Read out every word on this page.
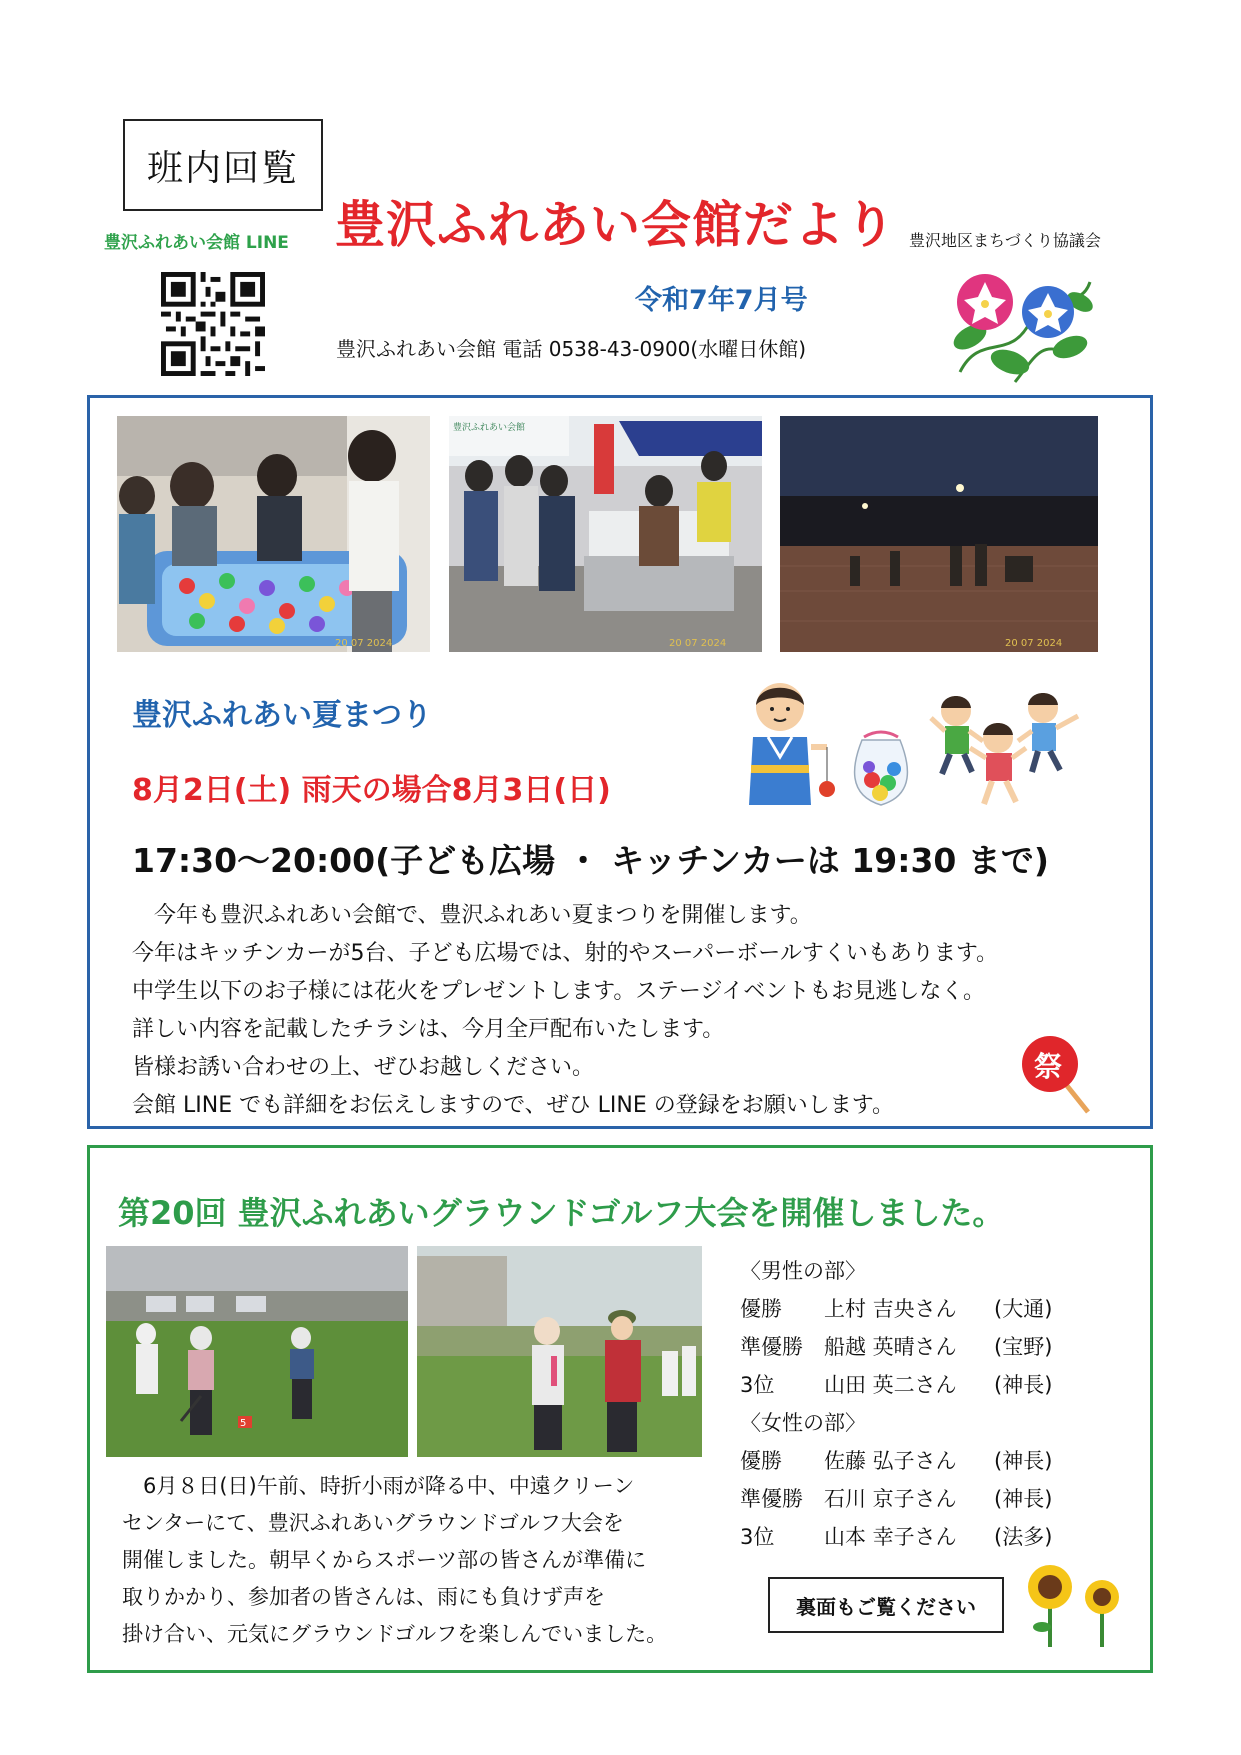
班内回覧
豊沢ふれあい会館 LINE 豊沢ふれあい会館だより 豊沢地区まちづくり協議会
令和7年7月号
豊沢ふれあい会館 電話 0538-43-0900(水曜日休館)
20 07 2024
豊沢ふれあい会館
20 07 2024	20 07 2024
豊沢ふれあい夏まつり
8月2日(土) 雨天の場合8月3日(日)
17:30〜20:00(子ども広場 ・ キッチンカーは 19:30 まで)
　今年も豊沢ふれあい会館で、豊沢ふれあい夏まつりを開催します。
今年はキッチンカーが5台、子ども広場では、射的やスーパーボールすくいもあります。
中学生以下のお子様には花火をプレゼントします。ステージイベントもお見逃しなく。
詳しい内容を記載したチラシは、今月全戸配布いたします。
皆様お誘い合わせの上、ぜひお越しください。
会館 LINE でも詳細をお伝えしますので、ぜひ LINE の登録をお願いします。
祭
第20回 豊沢ふれあいグラウンドゴルフ大会を開催しました。
5
　6月８日(日)午前、時折小雨が降る中、中遠クリーン
センターにて、豊沢ふれあいグラウンドゴルフ大会を
開催しました。朝早くからスポーツ部の皆さんが準備に
取りかかり、参加者の皆さんは、雨にも負けず声を
掛け合い、元気にグラウンドゴルフを楽しんでいました。
〈男性の部〉
優勝	上村 吉央さん	(大通)
準優勝	船越 英晴さん	(宝野)
3位	山田 英二さん	(神長)
〈女性の部〉
優勝	佐藤 弘子さん	(神長)
準優勝	石川 京子さん	(神長)
3位	山本 幸子さん	(法多)
裏面もご覧ください
